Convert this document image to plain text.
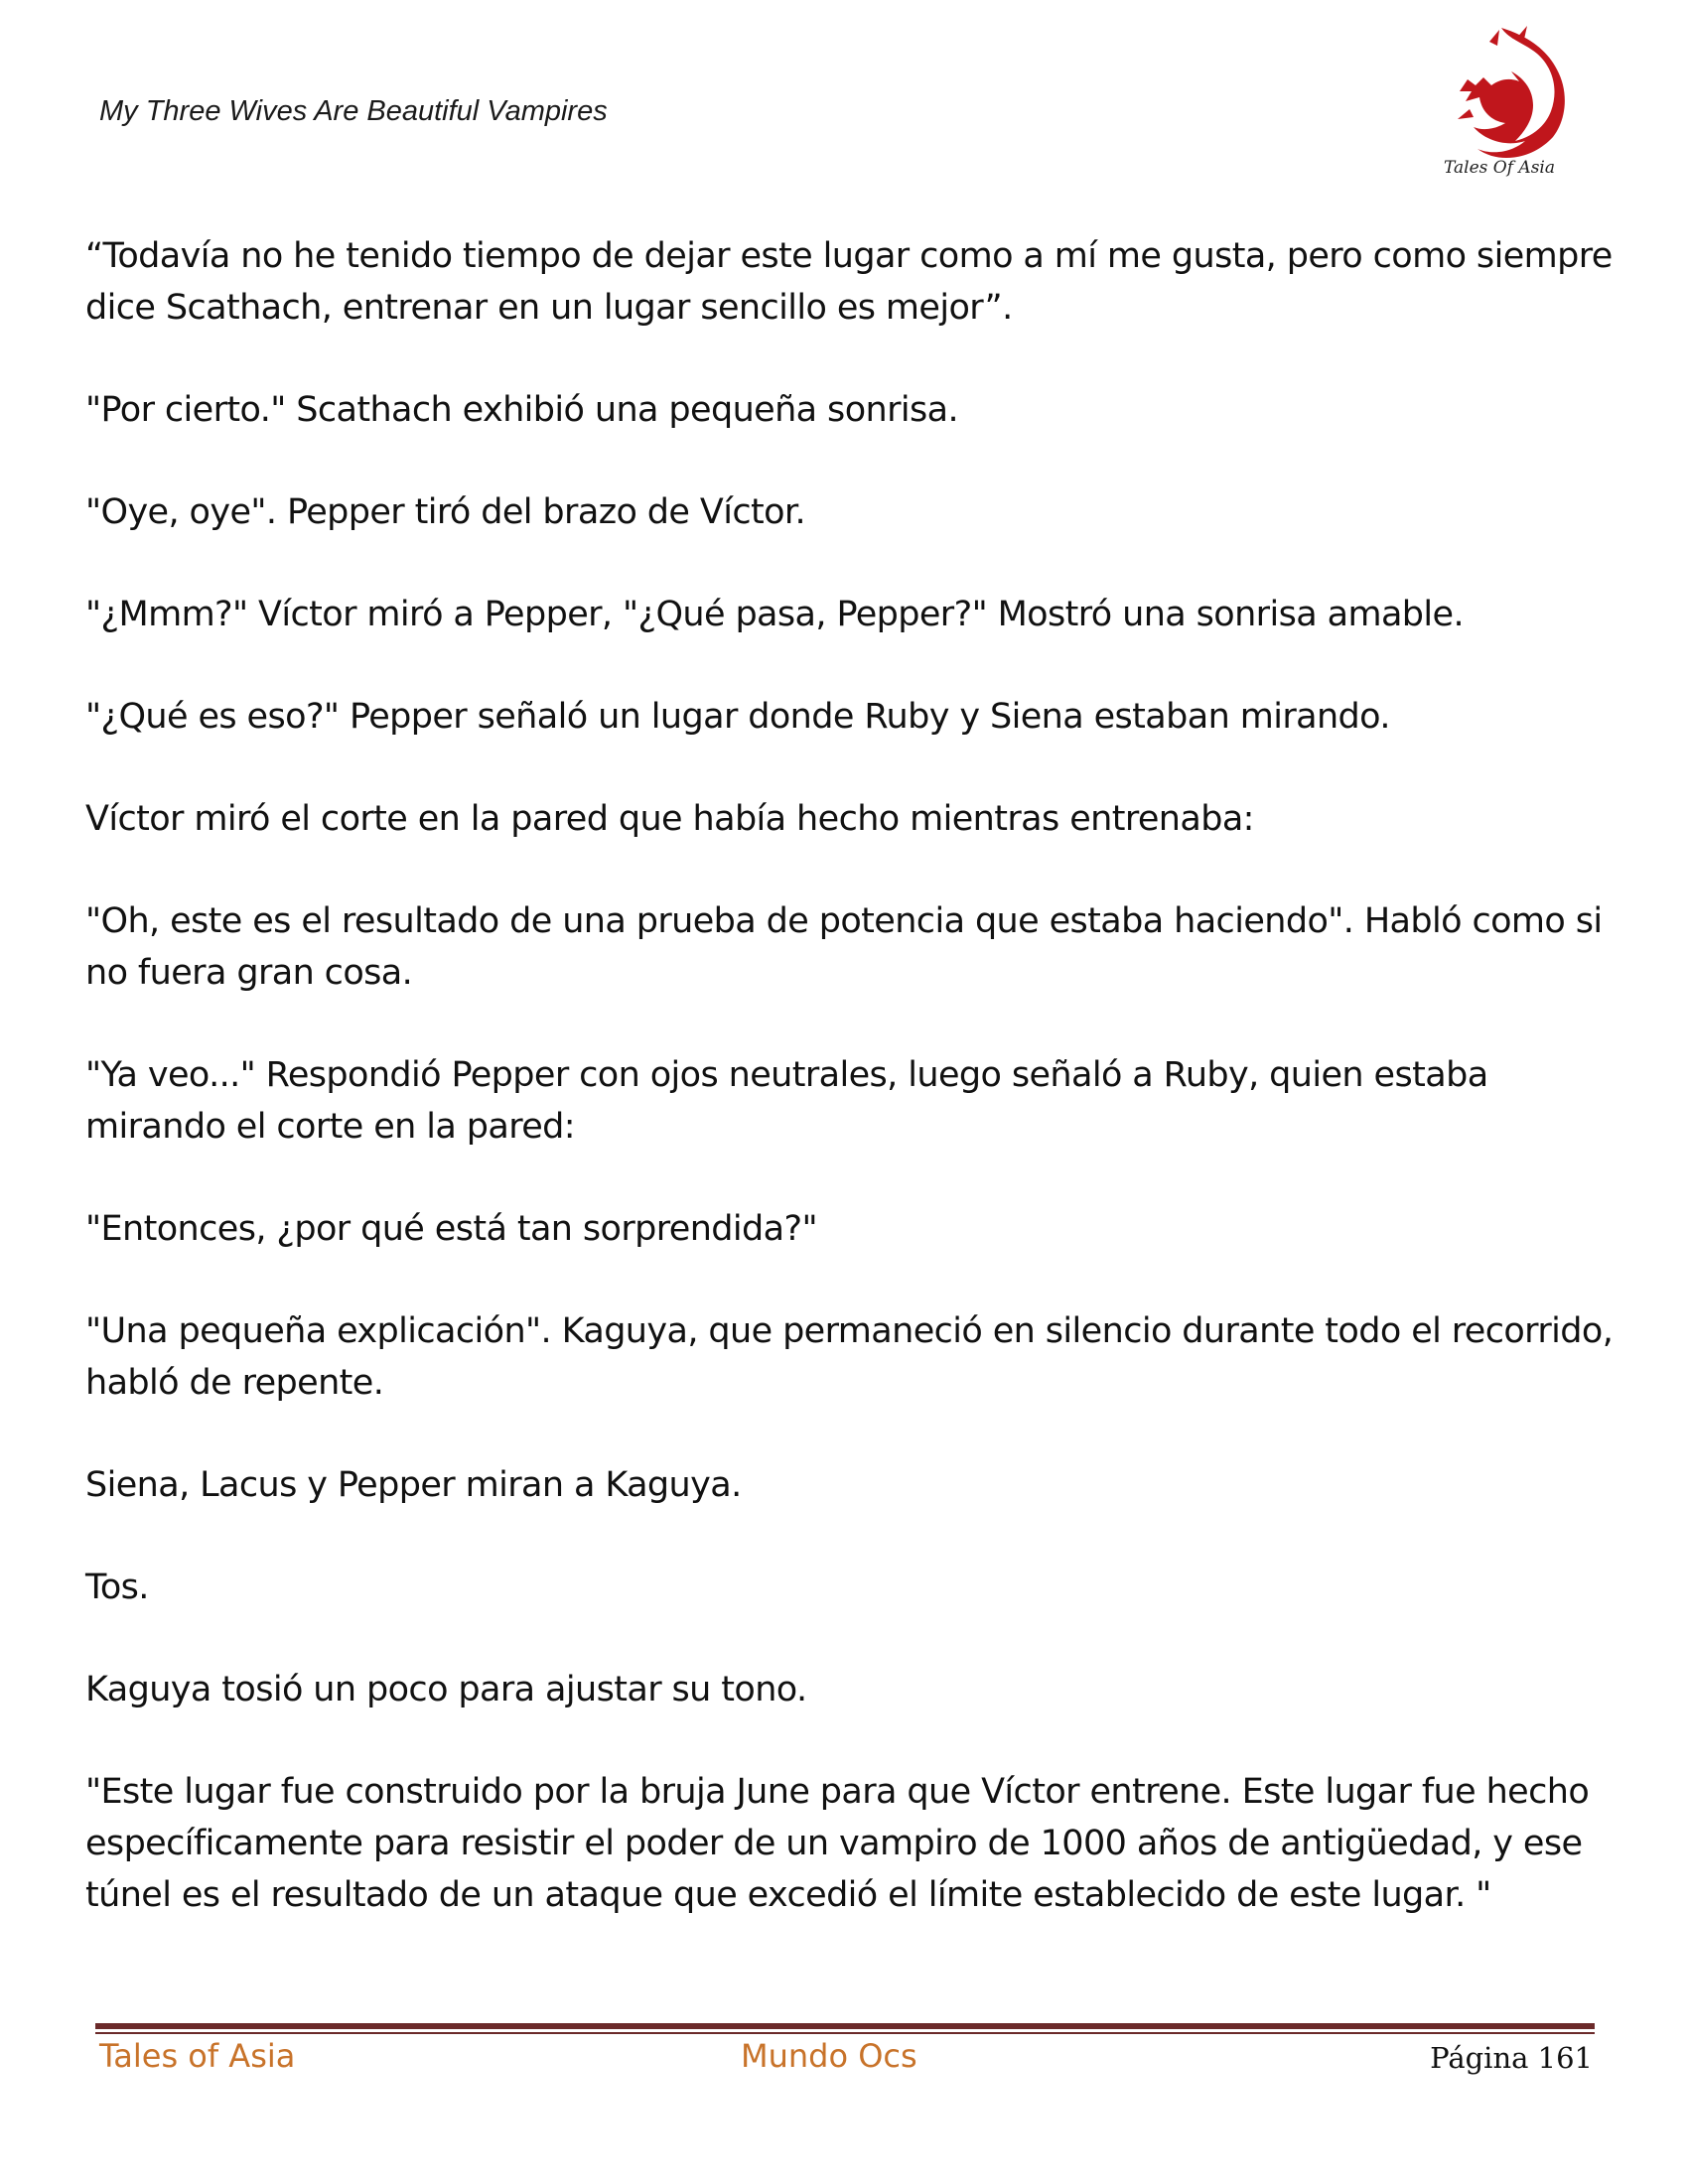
My Three Wives Are Beautiful Vampires
Tales Of Asia

“Todavía no he tenido tiempo de dejar este lugar como a mí me gusta, pero como siempre dice Scathach, entrenar en un lugar sencillo es mejor”.

"Por cierto." Scathach exhibió una pequeña sonrisa.

"Oye, oye". Pepper tiró del brazo de Víctor.

"¿Mmm?" Víctor miró a Pepper, "¿Qué pasa, Pepper?" Mostró una sonrisa amable.

"¿Qué es eso?" Pepper señaló un lugar donde Ruby y Siena estaban mirando.

Víctor miró el corte en la pared que había hecho mientras entrenaba:

"Oh, este es el resultado de una prueba de potencia que estaba haciendo". Habló como si no fuera gran cosa.

"Ya veo..." Respondió Pepper con ojos neutrales, luego señaló a Ruby, quien estaba mirando el corte en la pared:

"Entonces, ¿por qué está tan sorprendida?"

"Una pequeña explicación". Kaguya, que permaneció en silencio durante todo el recorrido, habló de repente.

Siena, Lacus y Pepper miran a Kaguya.

Tos.

Kaguya tosió un poco para ajustar su tono.

"Este lugar fue construido por la bruja June para que Víctor entrene. Este lugar fue hecho específicamente para resistir el poder de un vampiro de 1000 años de antigüedad, y ese túnel es el resultado de un ataque que excedió el límite establecido de este lugar. "

Tales of Asia	Mundo Ocs	Página 161
